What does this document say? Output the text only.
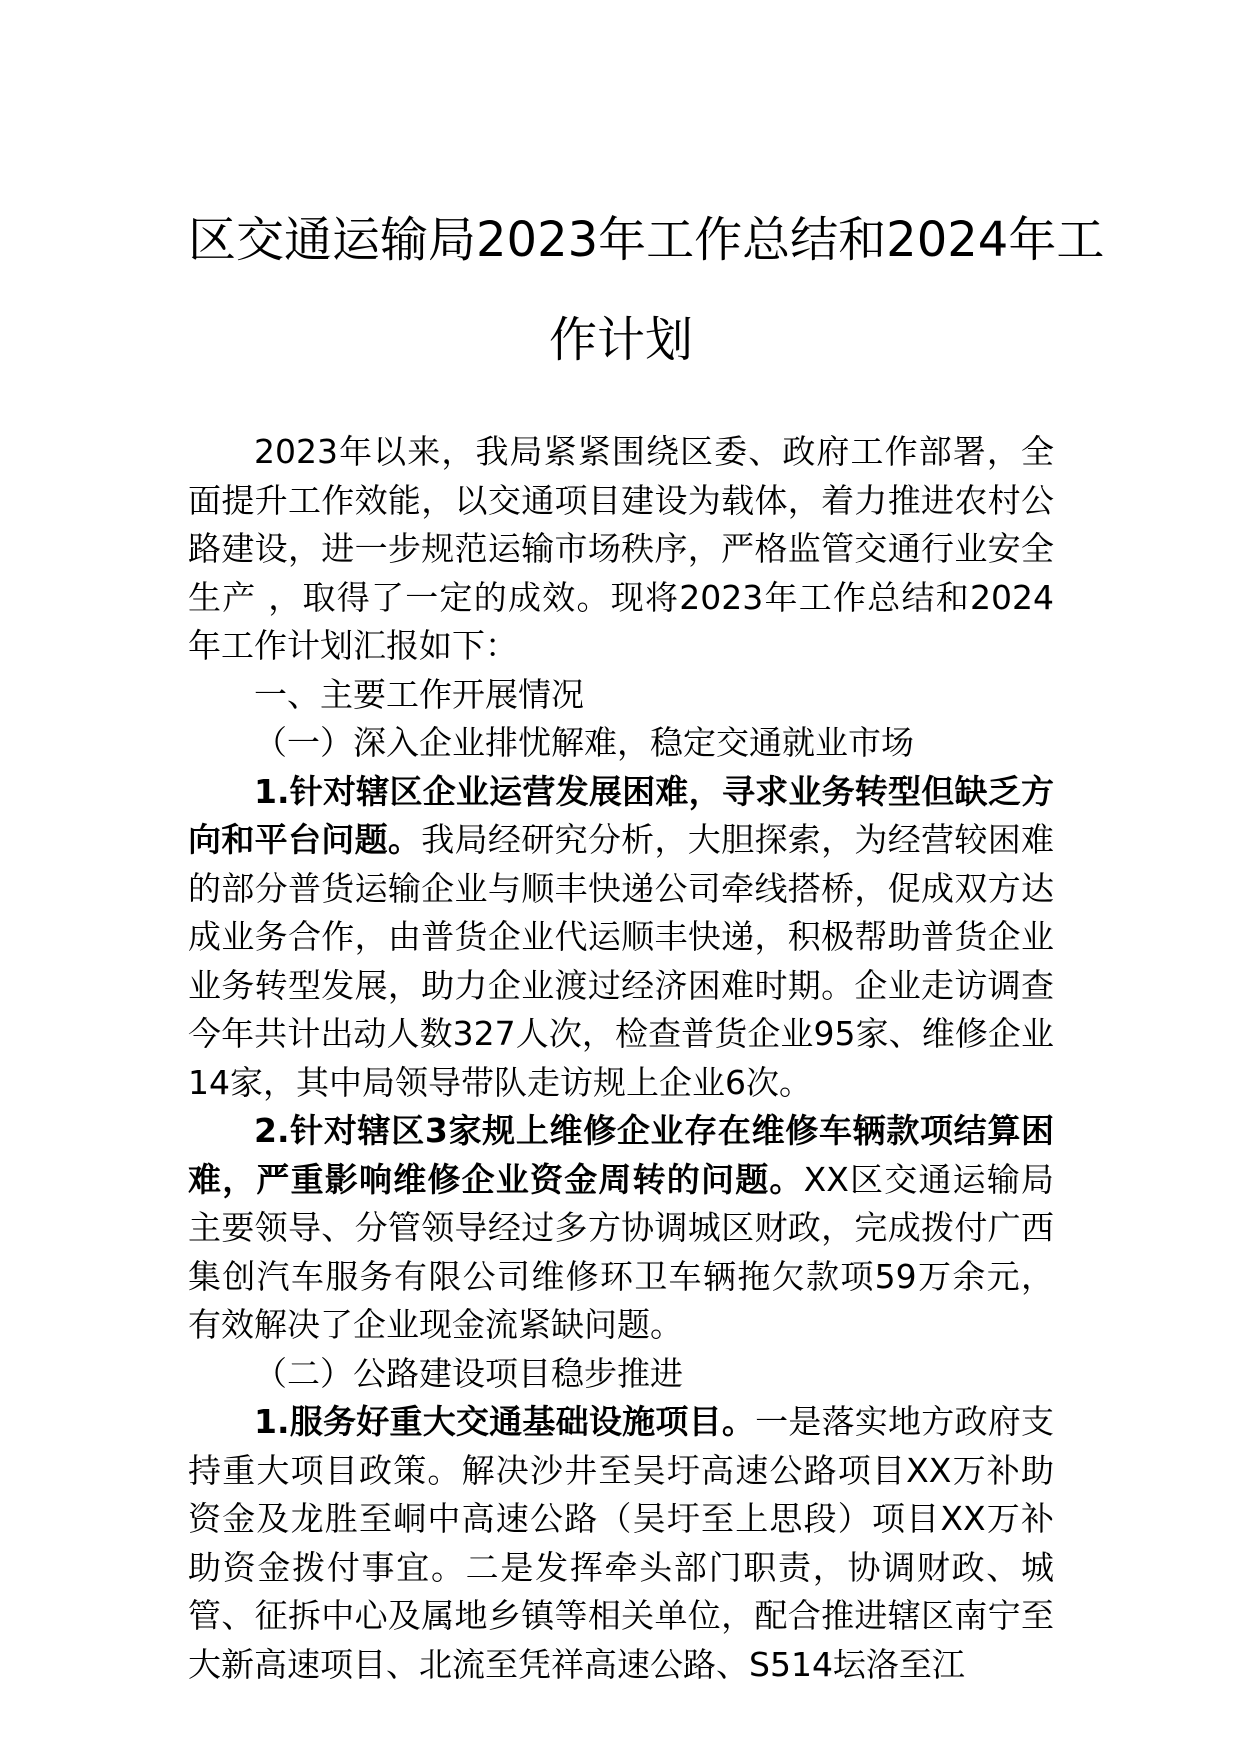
区交通运输局2023年工作总结和2024年工
作计划

2023年以来，我局紧紧围绕区委、政府工作部署，全面提升工作效能，以交通项目建设为载体，着力推进农村公路建设，进一步规范运输市场秩序，严格监管交通行业安全生产 ，取得了一定的成效。现将2023年工作总结和2024年工作计划汇报如下：

一、主要工作开展情况

（一）深入企业排忧解难，稳定交通就业市场

1.针对辖区企业运营发展困难，寻求业务转型但缺乏方向和平台问题。我局经研究分析，大胆探索，为经营较困难的部分普货运输企业与顺丰快递公司牵线搭桥，促成双方达成业务合作，由普货企业代运顺丰快递，积极帮助普货企业业务转型发展，助力企业渡过经济困难时期。企业走访调查今年共计出动人数327人次，检查普货企业95家、维修企业14家，其中局领导带队走访规上企业6次。

2.针对辖区3家规上维修企业存在维修车辆款项结算困难，严重影响维修企业资金周转的问题。XX区交通运输局主要领导、分管领导经过多方协调城区财政，完成拨付广西集创汽车服务有限公司维修环卫车辆拖欠款项59万余元，有效解决了企业现金流紧缺问题。

（二）公路建设项目稳步推进

1.服务好重大交通基础设施项目。一是落实地方政府支持重大项目政策。解决沙井至吴圩高速公路项目XX万补助资金及龙胜至峒中高速公路（吴圩至上思段）项目XX万补助资金拨付事宜。二是发挥牵头部门职责，协调财政、城管、征拆中心及属地乡镇等相关单位，配合推进辖区南宁至大新高速项目、北流至凭祥高速公路、S514坛洛至江
